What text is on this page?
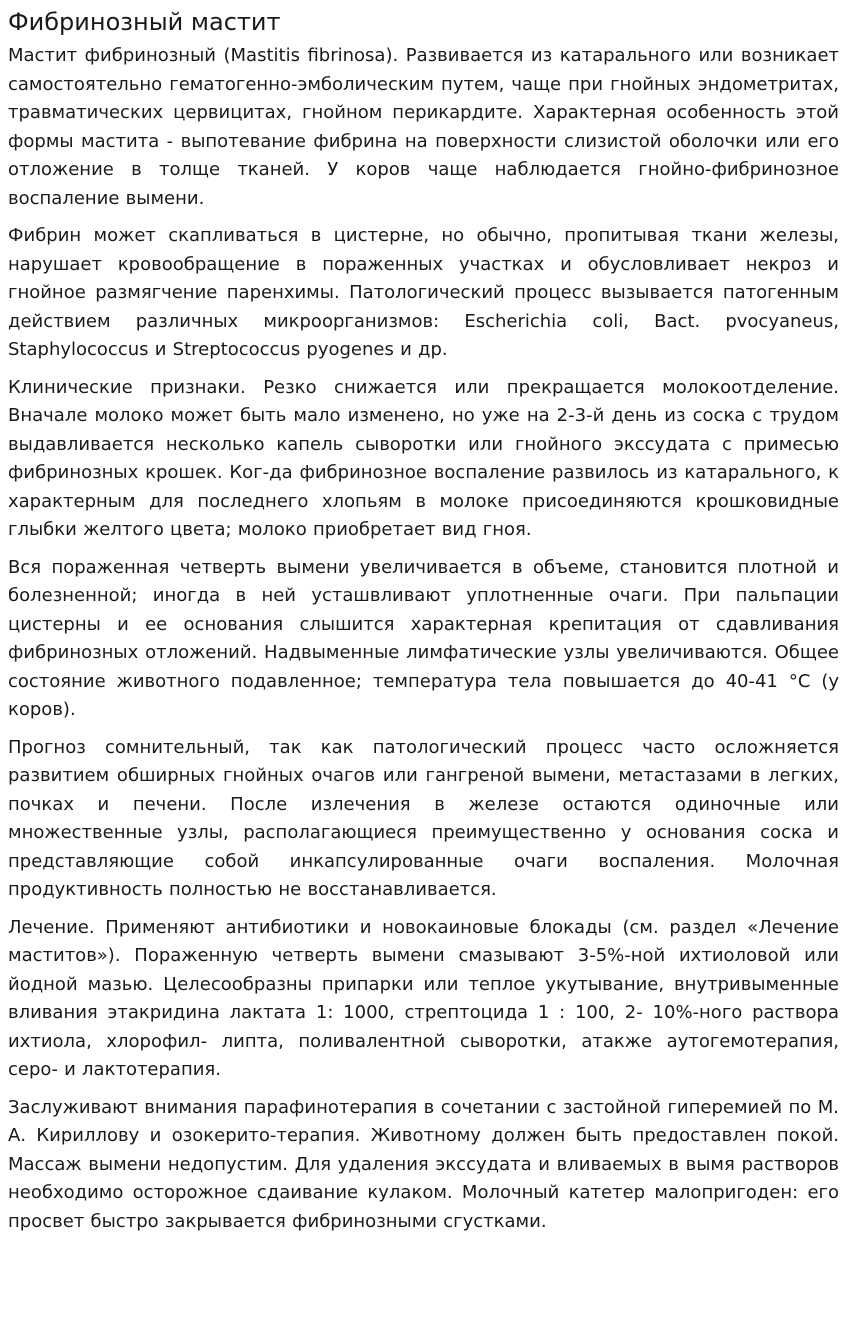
Фибринозный мастит

Мастит фибринозный (Mastitis fibrinosa). Развивается из катарального или возникает самостоятельно гематогенно-эмболическим путем, чаще при гнойных эндометритах, травматических цервицитах, гнойном перикардите. Характерная особенность этой формы мастита - выпотевание фибрина на поверхности слизистой оболочки или его отложение в толще тканей. У коров чаще наблюдается гнойно-фибринозное воспаление вымени.

Фибрин может скапливаться в цистерне, но обычно, пропитывая ткани железы, нарушает кровообращение в пораженных участках и обусловливает некроз и гнойное размягчение паренхимы. Патологический процесс вызывается патогенным действием различных микроорганизмов: Escherichia coli, Bact. pvocyaneus, Staphylococcus и Streptococcus pyogenes и др.

Клинические признаки. Резко снижается или прекращается молокоотделение. Вначале молоко может быть мало изменено, но уже на 2-3-й день из соска с трудом выдавливается несколько капель сыворотки или гнойного экссудата с примесью фибринозных крошек. Ког-да фибринозное воспаление развилось из катарального, к характерным для последнего хлопьям в молоке присоединяются крошковидные глыбки желтого цвета; молоко приобретает вид гноя.

Вся пораженная четверть вымени увеличивается в объеме, становится плотной и болезненной; иногда в ней усташвливают уплотненные очаги. При пальпации цистерны и ее основания слышится характерная крепитация от сдавливания фибринозных отложений. Надвыменные лимфатические узлы увеличиваются. Общее состояние животного подавленное; температура тела повышается до 40-41 °С (у коров).

Прогноз сомнительный, так как патологический процесс часто осложняется развитием обширных гнойных очагов или гангреной вымени, метастазами в легких, почках и печени. После излечения в железе остаются одиночные или множественные узлы, располагающиеся преимущественно у основания соска и представляющие собой инкапсулированные очаги воспаления. Молочная продуктивность полностью не восстанавливается.

Лечение. Применяют антибиотики и новокаиновые блокады (см. раздел «Лечение маститов»). Пораженную четверть вымени смазывают 3-5%-ной ихтиоловой или йодной мазью. Целесообразны припарки или теплое укутывание, внутривыменные вливания этакридина лактата 1: 1000, стрептоцида 1 : 100, 2- 10%-ного раствора ихтиола, хлорофил- липта, поливалентной сыворотки, атакже аутогемотерапия, серо- и лактотерапия.

Заслуживают внимания парафинотерапия в сочетании с застойной гиперемией по М. А. Кириллову и озокерито-терапия. Животному должен быть предоставлен покой. Массаж вымени недопустим. Для удаления экссудата и вливаемых в вымя растворов необходимо осторожное сдаивание кулаком. Молочный катетер малопригоден: его просвет быстро закрывается фибринозными сгустками.
